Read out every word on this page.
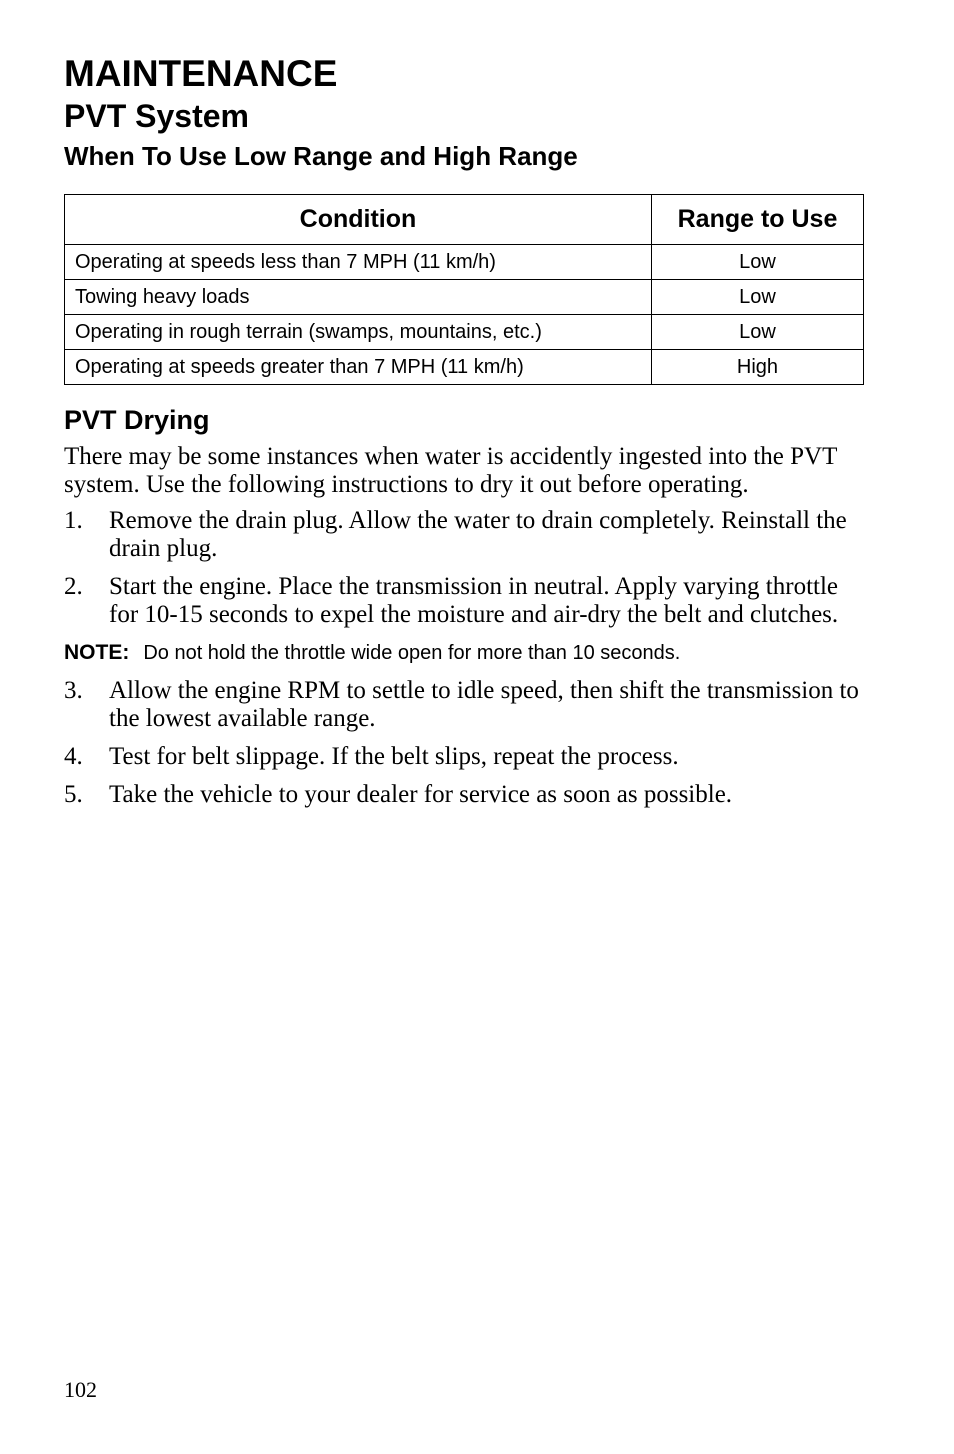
MAINTENANCE
PVT System
When To Use Low Range and High Range
Condition	Range to Use
Operating at speeds less than 7 MPH (11 km/h)	Low
Towing heavy loads	Low
Operating in rough terrain (swamps, mountains, etc.)	Low
Operating at speeds greater than 7 MPH (11 km/h)	High
PVT Drying

There may be some instances when water is accidently ingested into the PVT system. Use the following instructions to dry it out before operating.

1.	Remove the drain plug. Allow the water to drain completely. Reinstall the drain plug.
2.	Start the engine. Place the transmission in neutral. Apply varying throttle for 10-15 seconds to expel the moisture and air-dry the belt and clutches.

NOTE: Do not hold the throttle wide open for more than 10 seconds.

3.	Allow the engine RPM to settle to idle speed, then shift the transmission to the lowest available range.
4.	Test for belt slippage. If the belt slips, repeat the process.
5.	Take the vehicle to your dealer for service as soon as possible.
102
